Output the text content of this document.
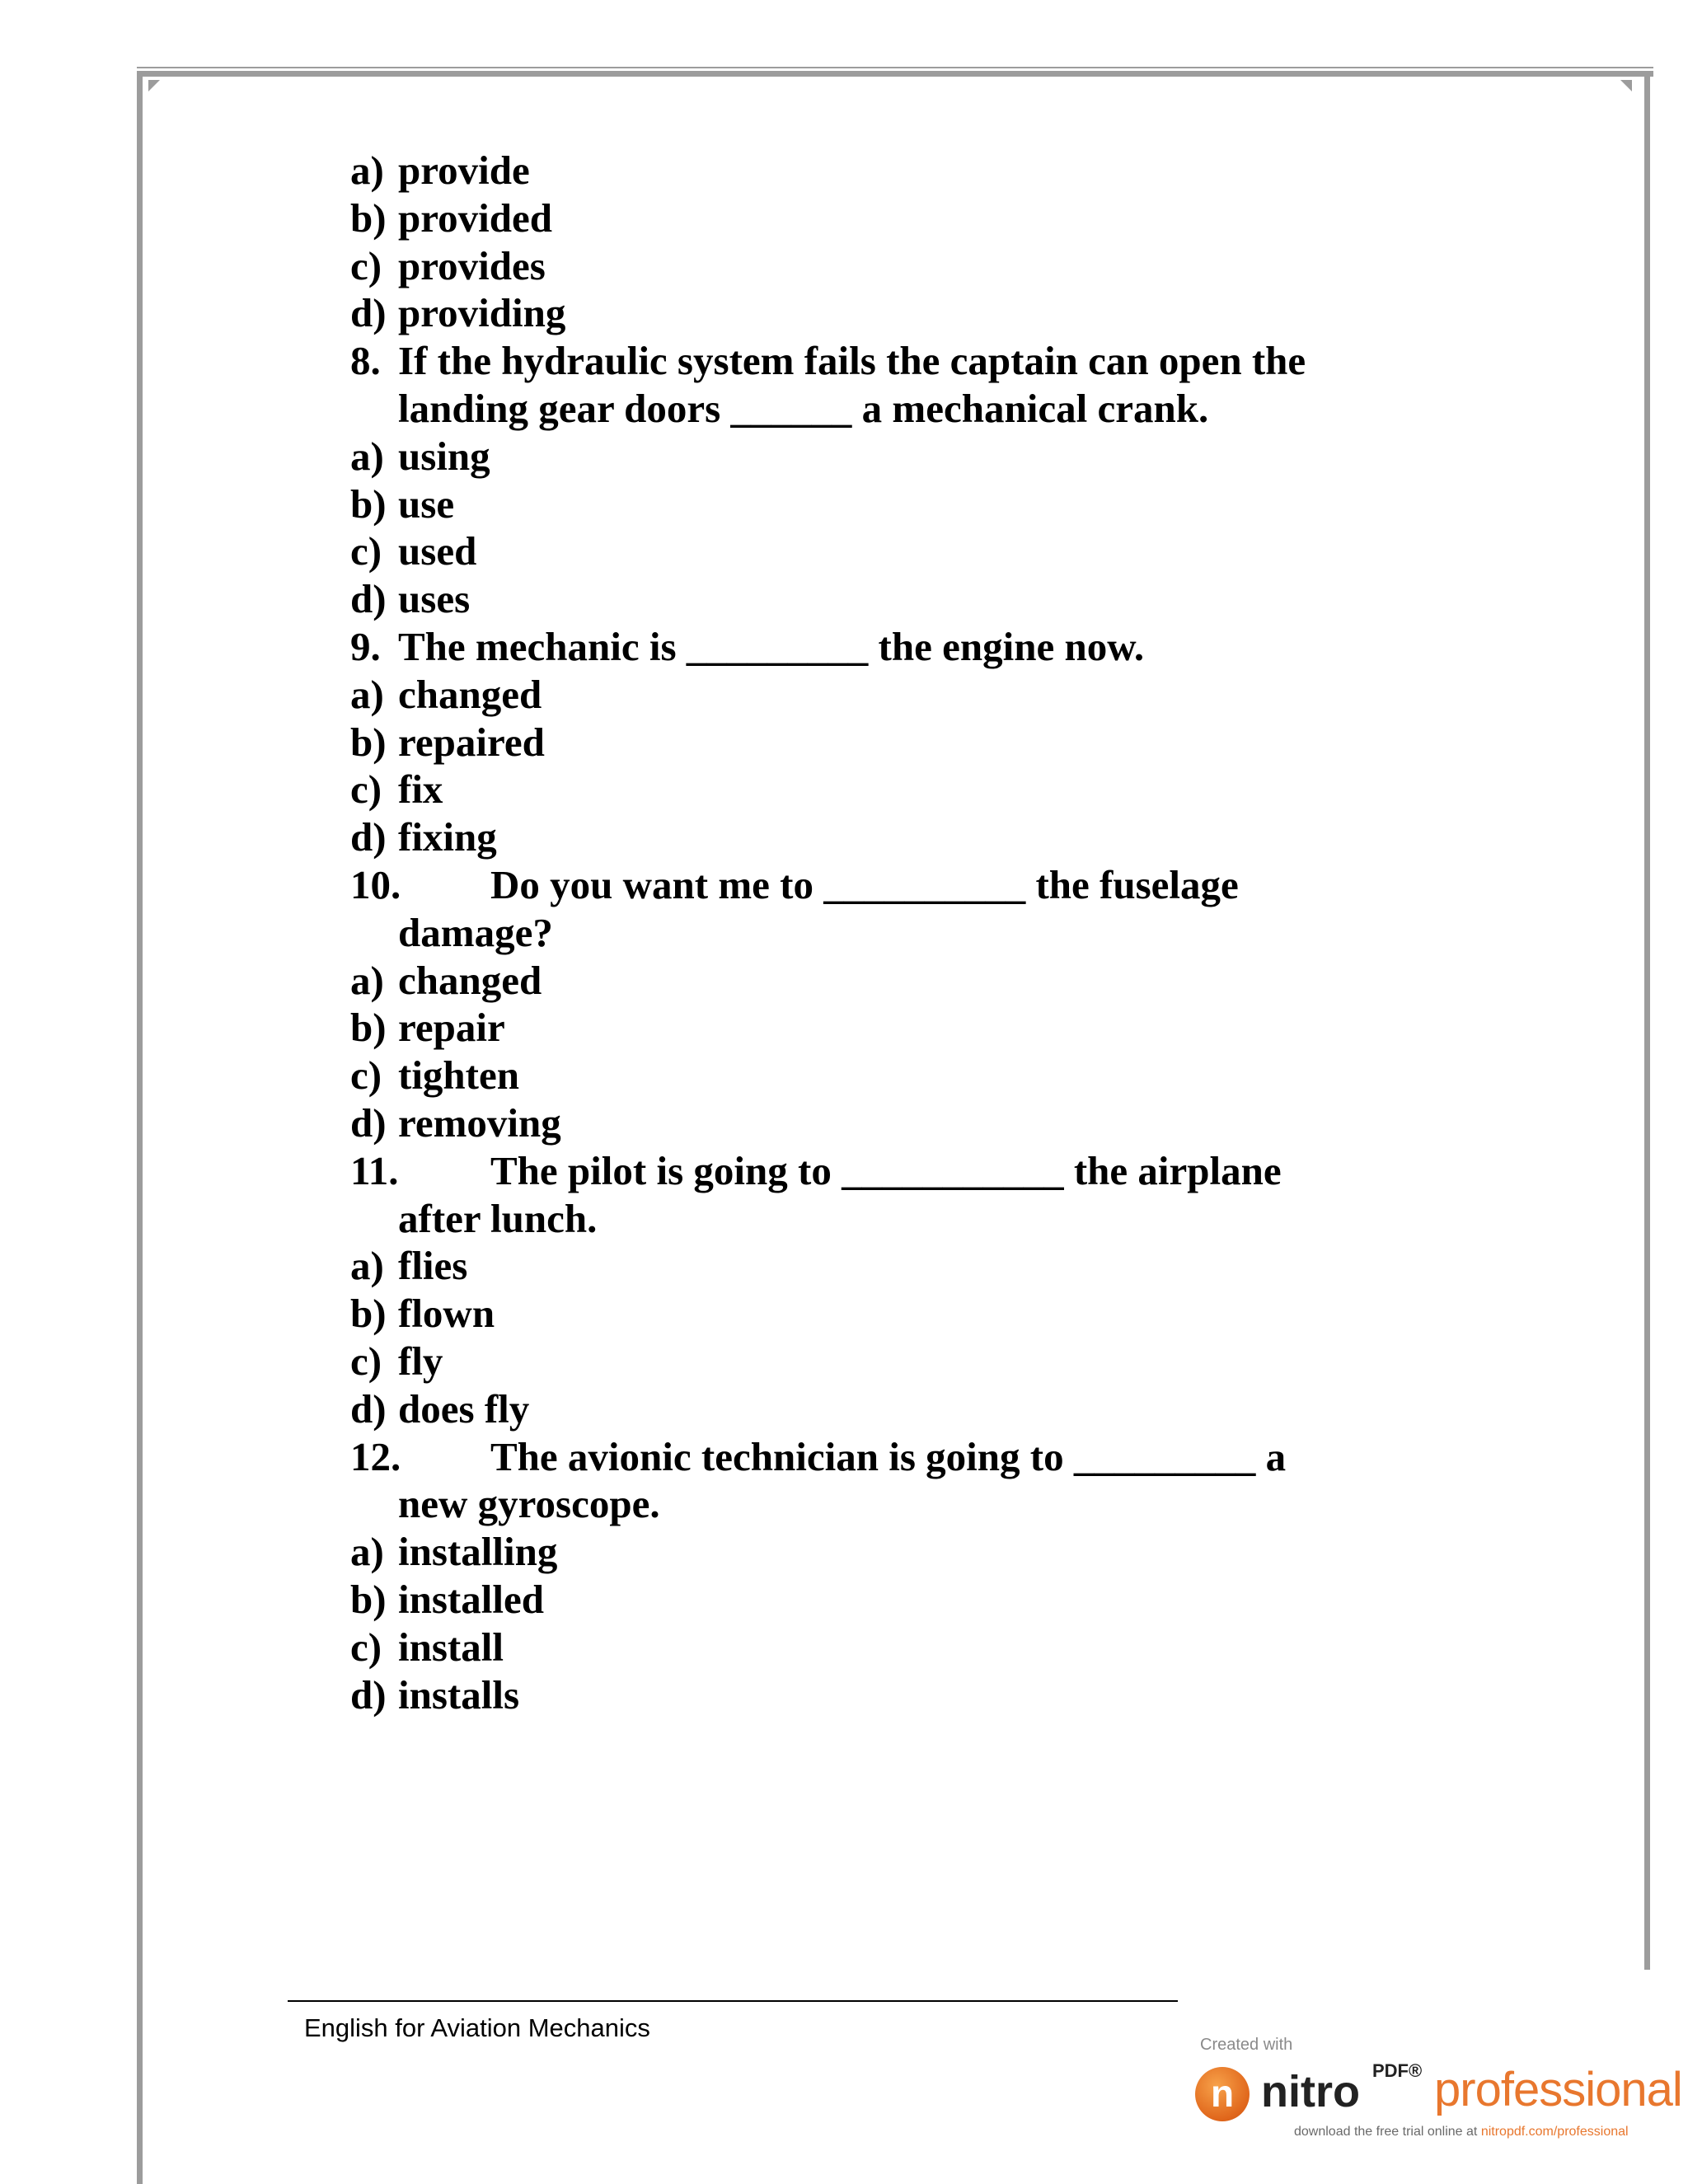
a) provide
b) provided
c) provides
d) providing
8. If the hydraulic system fails the captain can open the
landing gear doors ______ a mechanical crank.
a) using
b) use
c) used
d) uses
9. The mechanic is _________ the engine now.
a) changed
b) repaired
c) fix
d) fixing
10. Do you want me to __________ the fuselage
damage?
a) changed
b) repair
c) tighten
d) removing
11. The pilot is going to ___________ the airplane
after lunch.
a) flies
b) flown
c) fly
d) does fly
12. The avionic technician is going to _________ a
new gyroscope.
a) installing
b) installed
c) install
d) installs
English for Aviation Mechanics
Created with
n nitro PDF® professional
download the free trial online at nitropdf.com/professional
